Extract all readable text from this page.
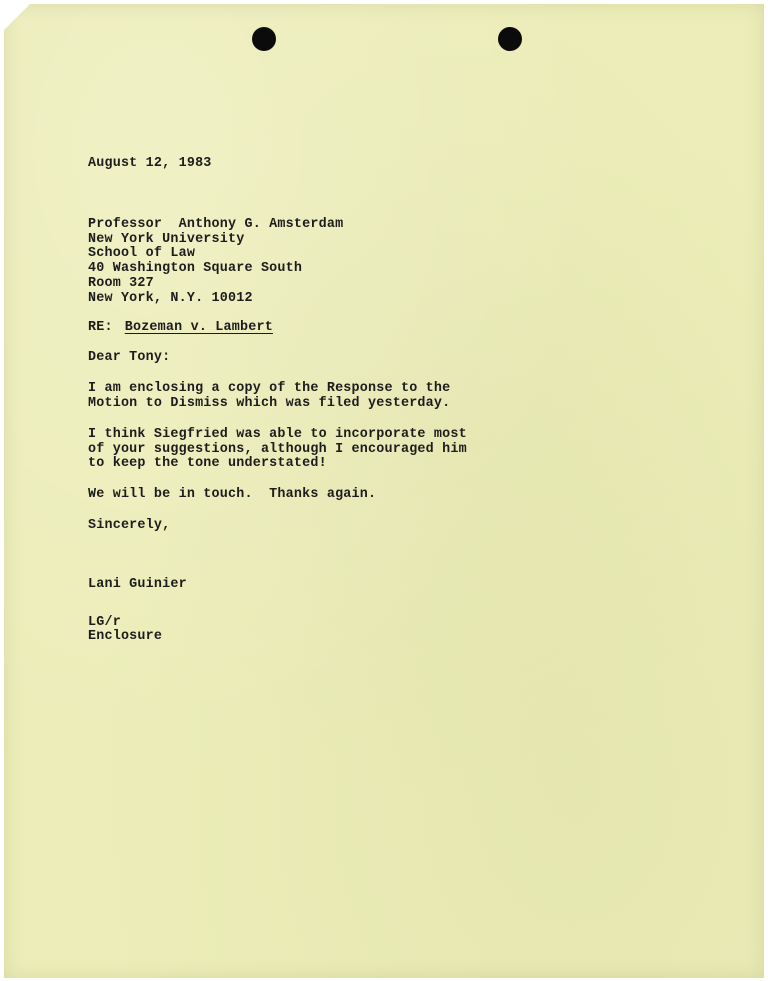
August 12, 1983
Professor  Anthony G. Amsterdam
New York University
School of Law
40 Washington Square South
Room 327
New York, N.Y. 10012
RE: Bozeman v. Lambert
Dear Tony:
I am enclosing a copy of the Response to the
Motion to Dismiss which was filed yesterday.
I think Siegfried was able to incorporate most
of your suggestions, although I encouraged him
to keep the tone understated!
We will be in touch.  Thanks again.
Sincerely,
Lani Guinier
LG/r
Enclosure
